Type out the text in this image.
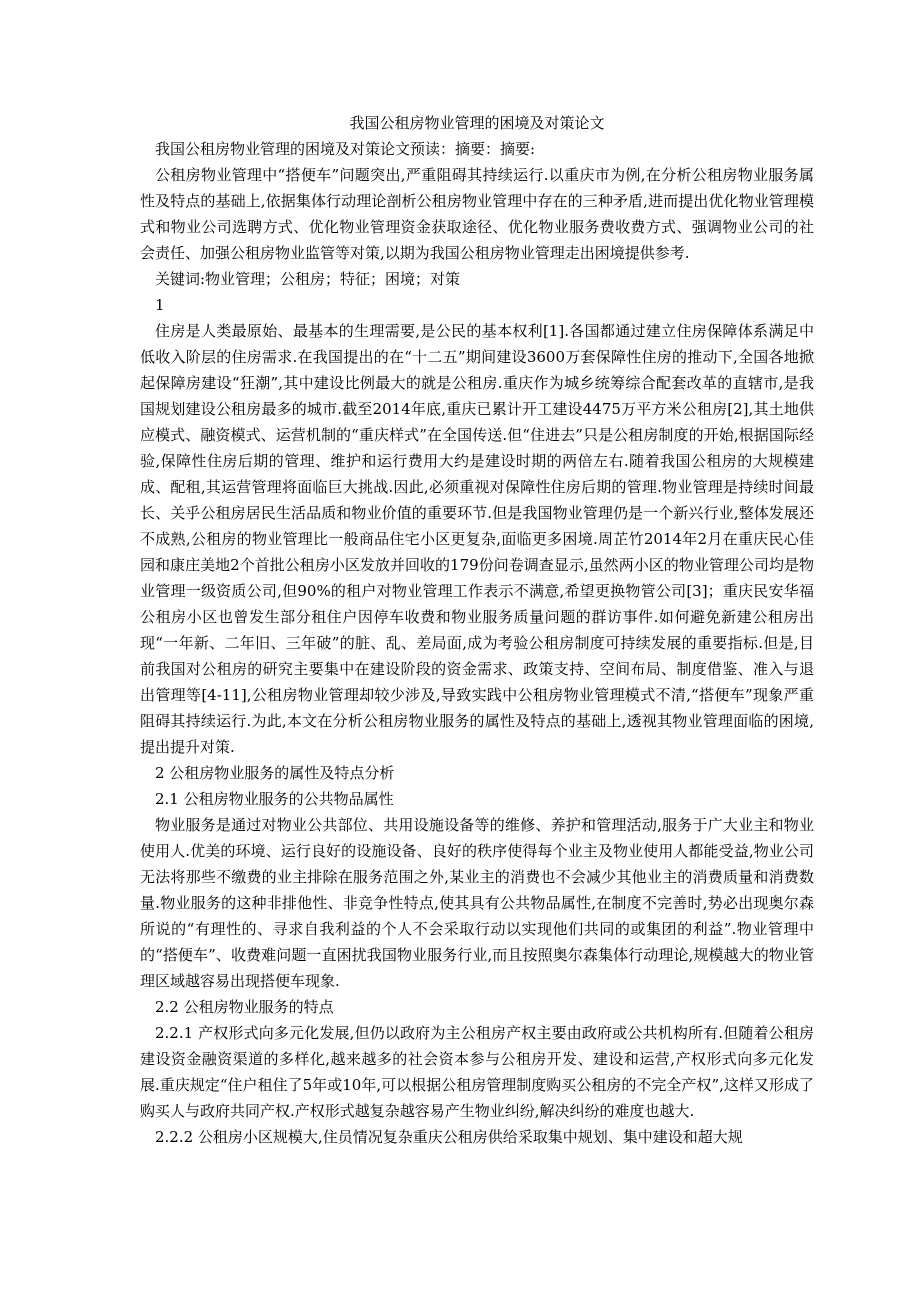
我国公租房物业管理的困境及对策论文

我国公租房物业管理的困境及对策论文预读：摘要：摘要:

公租房物业管理中“搭便车”问题突出,严重阻碍其持续运行.以重庆市为例,在分析公租房物业服务属性及特点的基础上,依据集体行动理论剖析公租房物业管理中存在的三种矛盾,进而提出优化物业管理模式和物业公司选聘方式、优化物业管理资金获取途径、优化物业服务费收费方式、强调物业公司的社会责任、加强公租房物业监管等对策,以期为我国公租房物业管理走出困境提供参考.

关键词:物业管理；公租房；特征；困境；对策

1

住房是人类最原始、最基本的生理需要,是公民的基本权利[1].各国都通过建立住房保障体系满足中低收入阶层的住房需求.在我国提出的在“十二五”期间建设3600万套保障性住房的推动下,全国各地掀起保障房建设“狂潮”,其中建设比例最大的就是公租房.重庆作为城乡统筹综合配套改革的直辖市,是我国规划建设公租房最多的城市.截至2014年底,重庆已累计开工建设4475万平方米公租房[2],其土地供应模式、融资模式、运营机制的“重庆样式”在全国传送.但“住进去”只是公租房制度的开始,根据国际经验,保障性住房后期的管理、维护和运行费用大约是建设时期的两倍左右.随着我国公租房的大规模建成、配租,其运营管理将面临巨大挑战.因此,必须重视对保障性住房后期的管理.物业管理是持续时间最长、关乎公租房居民生活品质和物业价值的重要环节.但是我国物业管理仍是一个新兴行业,整体发展还不成熟,公租房的物业管理比一般商品住宅小区更复杂,面临更多困境.周芷竹2014年2月在重庆民心佳园和康庄美地2个首批公租房小区发放并回收的179份问卷调查显示,虽然两小区的物业管理公司均是物业管理一级资质公司,但90%的租户对物业管理工作表示不满意,希望更换物管公司[3]；重庆民安华福公租房小区也曾发生部分租住户因停车收费和物业服务质量问题的群访事件.如何避免新建公租房出现“一年新、二年旧、三年破”的脏、乱、差局面,成为考验公租房制度可持续发展的重要指标.但是,目前我国对公租房的研究主要集中在建设阶段的资金需求、政策支持、空间布局、制度借鉴、准入与退出管理等[4-11],公租房物业管理却较少涉及,导致实践中公租房物业管理模式不清,“搭便车”现象严重阻碍其持续运行.为此,本文在分析公租房物业服务的属性及特点的基础上,透视其物业管理面临的困境,提出提升对策.

2 公租房物业服务的属性及特点分析

2.1 公租房物业服务的公共物品属性

物业服务是通过对物业公共部位、共用设施设备等的维修、养护和管理活动,服务于广大业主和物业使用人.优美的环境、运行良好的设施设备、良好的秩序使得每个业主及物业使用人都能受益,物业公司无法将那些不缴费的业主排除在服务范围之外,某业主的消费也不会减少其他业主的消费质量和消费数量.物业服务的这种非排他性、非竞争性特点,使其具有公共物品属性,在制度不完善时,势必出现奥尔森所说的“有理性的、寻求自我利益的个人不会采取行动以实现他们共同的或集团的利益”.物业管理中的“搭便车”、收费难问题一直困扰我国物业服务行业,而且按照奥尔森集体行动理论,规模越大的物业管理区域越容易出现搭便车现象.

2.2 公租房物业服务的特点

2.2.1 产权形式向多元化发展,但仍以政府为主公租房产权主要由政府或公共机构所有.但随着公租房建设资金融资渠道的多样化,越来越多的社会资本参与公租房开发、建设和运营,产权形式向多元化发展.重庆规定“住户租住了5年或10年,可以根据公租房管理制度购买公租房的不完全产权”,这样又形成了购买人与政府共同产权.产权形式越复杂越容易产生物业纠纷,解决纠纷的难度也越大.

2.2.2 公租房小区规模大,住员情况复杂重庆公租房供给采取集中规划、集中建设和超大规
